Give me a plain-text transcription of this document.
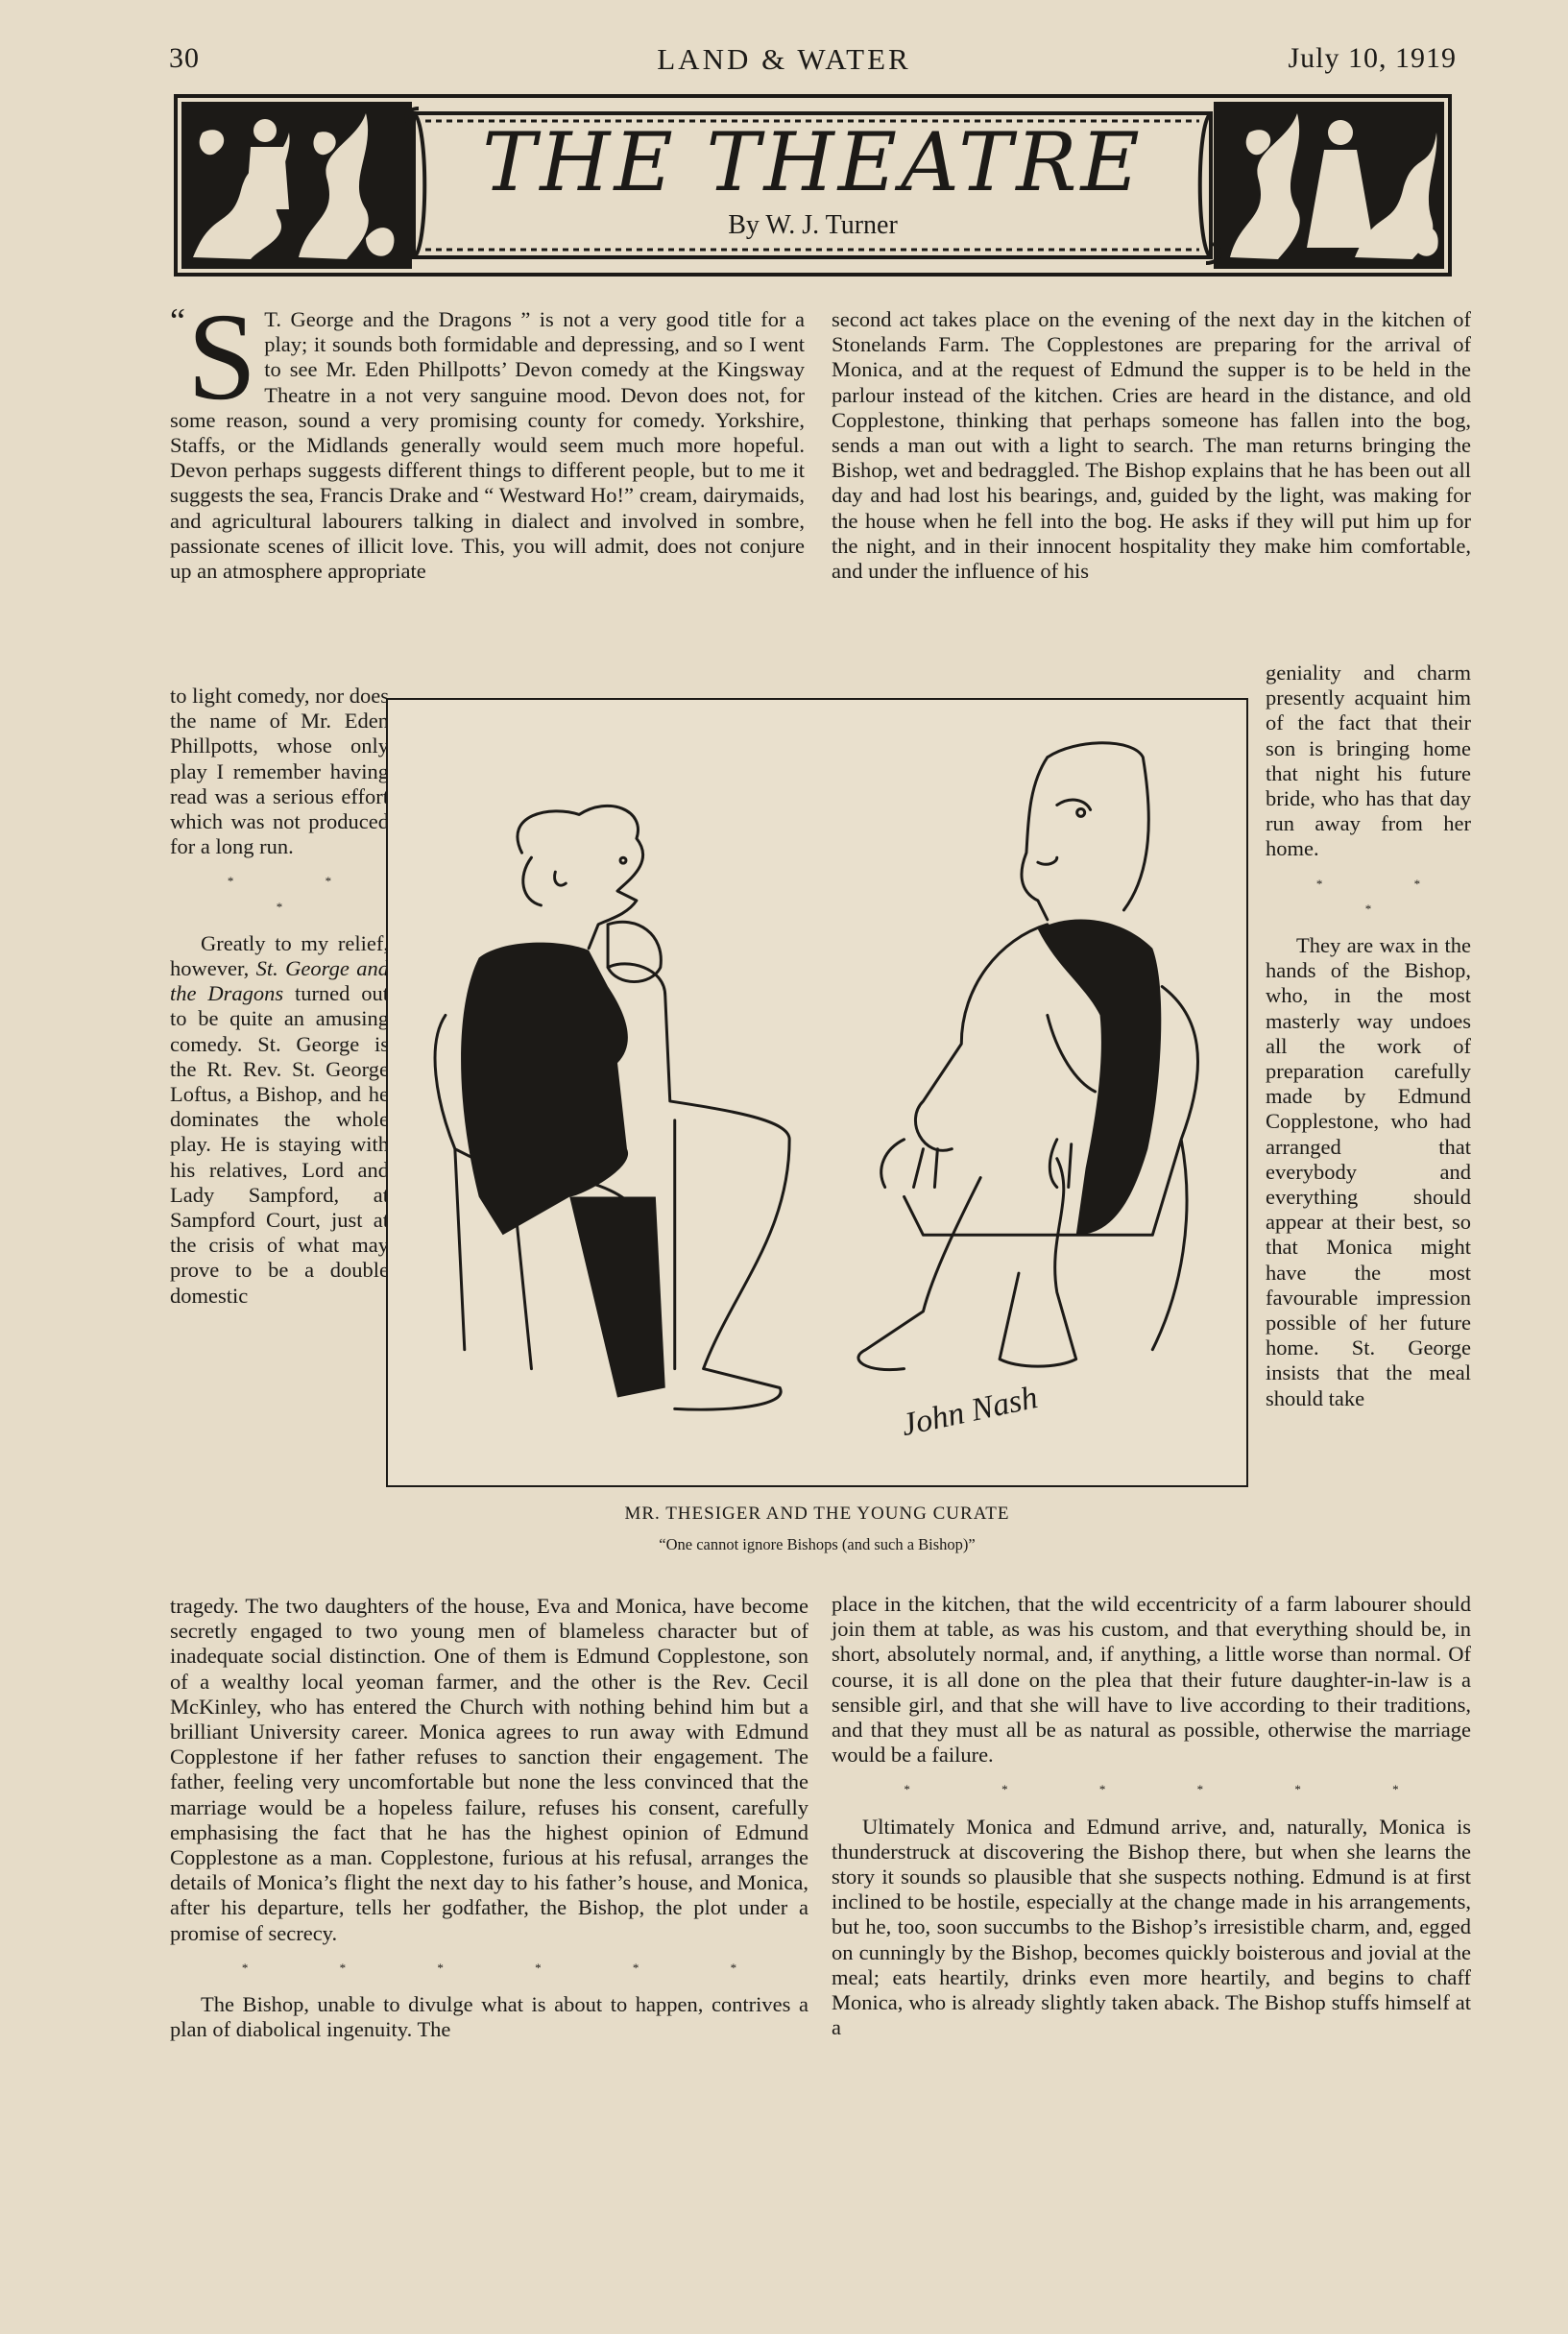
30	LAND & WATER	July 10, 1919
THE THEATRE
By W. J. Turner

“ S T. George and the Dragons ” is not a very good title for a play; it sounds both formidable and depressing, and so I went to see Mr. Eden Phillpotts’ Devon comedy at the Kingsway Theatre in a not very sanguine mood. Devon does not, for some reason, sound a very promising county for comedy. Yorkshire, Staffs, or the Midlands generally would seem much more hopeful. Devon perhaps suggests different things to different people, but to me it suggests the sea, Francis Drake and “ Westward Ho!” cream, dairymaids, and agricultural labourers talking in dialect and involved in sombre, passionate scenes of illicit love. This, you will admit, does not conjure up an atmosphere appropriate

to light comedy, nor does the name of Mr. Eden Phillpotts, whose only play I remember having read was a serious effort which was not produced for a long run.

* * *

Greatly to my relief, however, St. George and the Dragons turned out to be quite an amusing comedy. St. George is the Rt. Rev. St. George Loftus, a Bishop, and he dominates the whole play. He is staying with his relatives, Lord and Lady Sampford, at Sampford Court, just at the crisis of what may prove to be a double domestic

tragedy. The two daughters of the house, Eva and Monica, have become secretly engaged to two young men of blameless character but of inadequate social distinction. One of them is Edmund Copplestone, son of a wealthy local yeoman farmer, and the other is the Rev. Cecil McKinley, who has entered the Church with nothing behind him but a brilliant University career. Monica agrees to run away with Edmund Copplestone if her father refuses to sanction their engagement. The father, feeling very uncomfortable but none the less convinced that the marriage would be a hopeless failure, refuses his consent, carefully emphasising the fact that he has the highest opinion of Edmund Copplestone as a man. Copplestone, furious at his refusal, arranges the details of Monica’s flight the next day to his father’s house, and Monica, after his departure, tells her godfather, the Bishop, the plot under a promise of secrecy.

* * * * * *

The Bishop, unable to divulge what is about to happen, contrives a plan of diabolical ingenuity. The

second act takes place on the evening of the next day in the kitchen of Stonelands Farm. The Copplestones are preparing for the arrival of Monica, and at the request of Edmund the supper is to be held in the parlour instead of the kitchen. Cries are heard in the distance, and old Copplestone, thinking that perhaps someone has fallen into the bog, sends a man out with a light to search. The man returns bringing the Bishop, wet and bedraggled. The Bishop explains that he has been out all day and had lost his bearings, and, guided by the light, was making for the house when he fell into the bog. He asks if they will put him up for the night, and in their innocent hospitality they make him comfortable, and under the influence of his

geniality and charm presently acquaint him of the fact that their son is bringing home that night his future bride, who has that day run away from her home.

* * *

They are wax in the hands of the Bishop, who, in the most masterly way undoes all the work of preparation carefully made by Edmund Copplestone, who had arranged that everybody and everything should appear at their best, so that Monica might have the most favourable impression possible of her future home. St. George insists that the meal should take

place in the kitchen, that the wild eccentricity of a farm labourer should join them at table, as was his custom, and that everything should be, in short, absolutely normal, and, if anything, a little worse than normal. Of course, it is all done on the plea that their future daughter-in-law is a sensible girl, and that she will have to live according to their traditions, and that they must all be as natural as possible, otherwise the marriage would be a failure.

* * * * * *

Ultimately Monica and Edmund arrive, and, naturally, Monica is thunderstruck at discovering the Bishop there, but when she learns the story it sounds so plausible that she suspects nothing. Edmund is at first inclined to be hostile, especially at the change made in his arrangements, but he, too, soon succumbs to the Bishop’s irresistible charm, and, egged on cunningly by the Bishop, becomes quickly boisterous and jovial at the meal; eats heartily, drinks even more heartily, and begins to chaff Monica, who is already slightly taken aback. The Bishop stuffs himself at a

John Nash
MR. THESIGER AND THE YOUNG CURATE
“One cannot ignore Bishops (and such a Bishop)”
